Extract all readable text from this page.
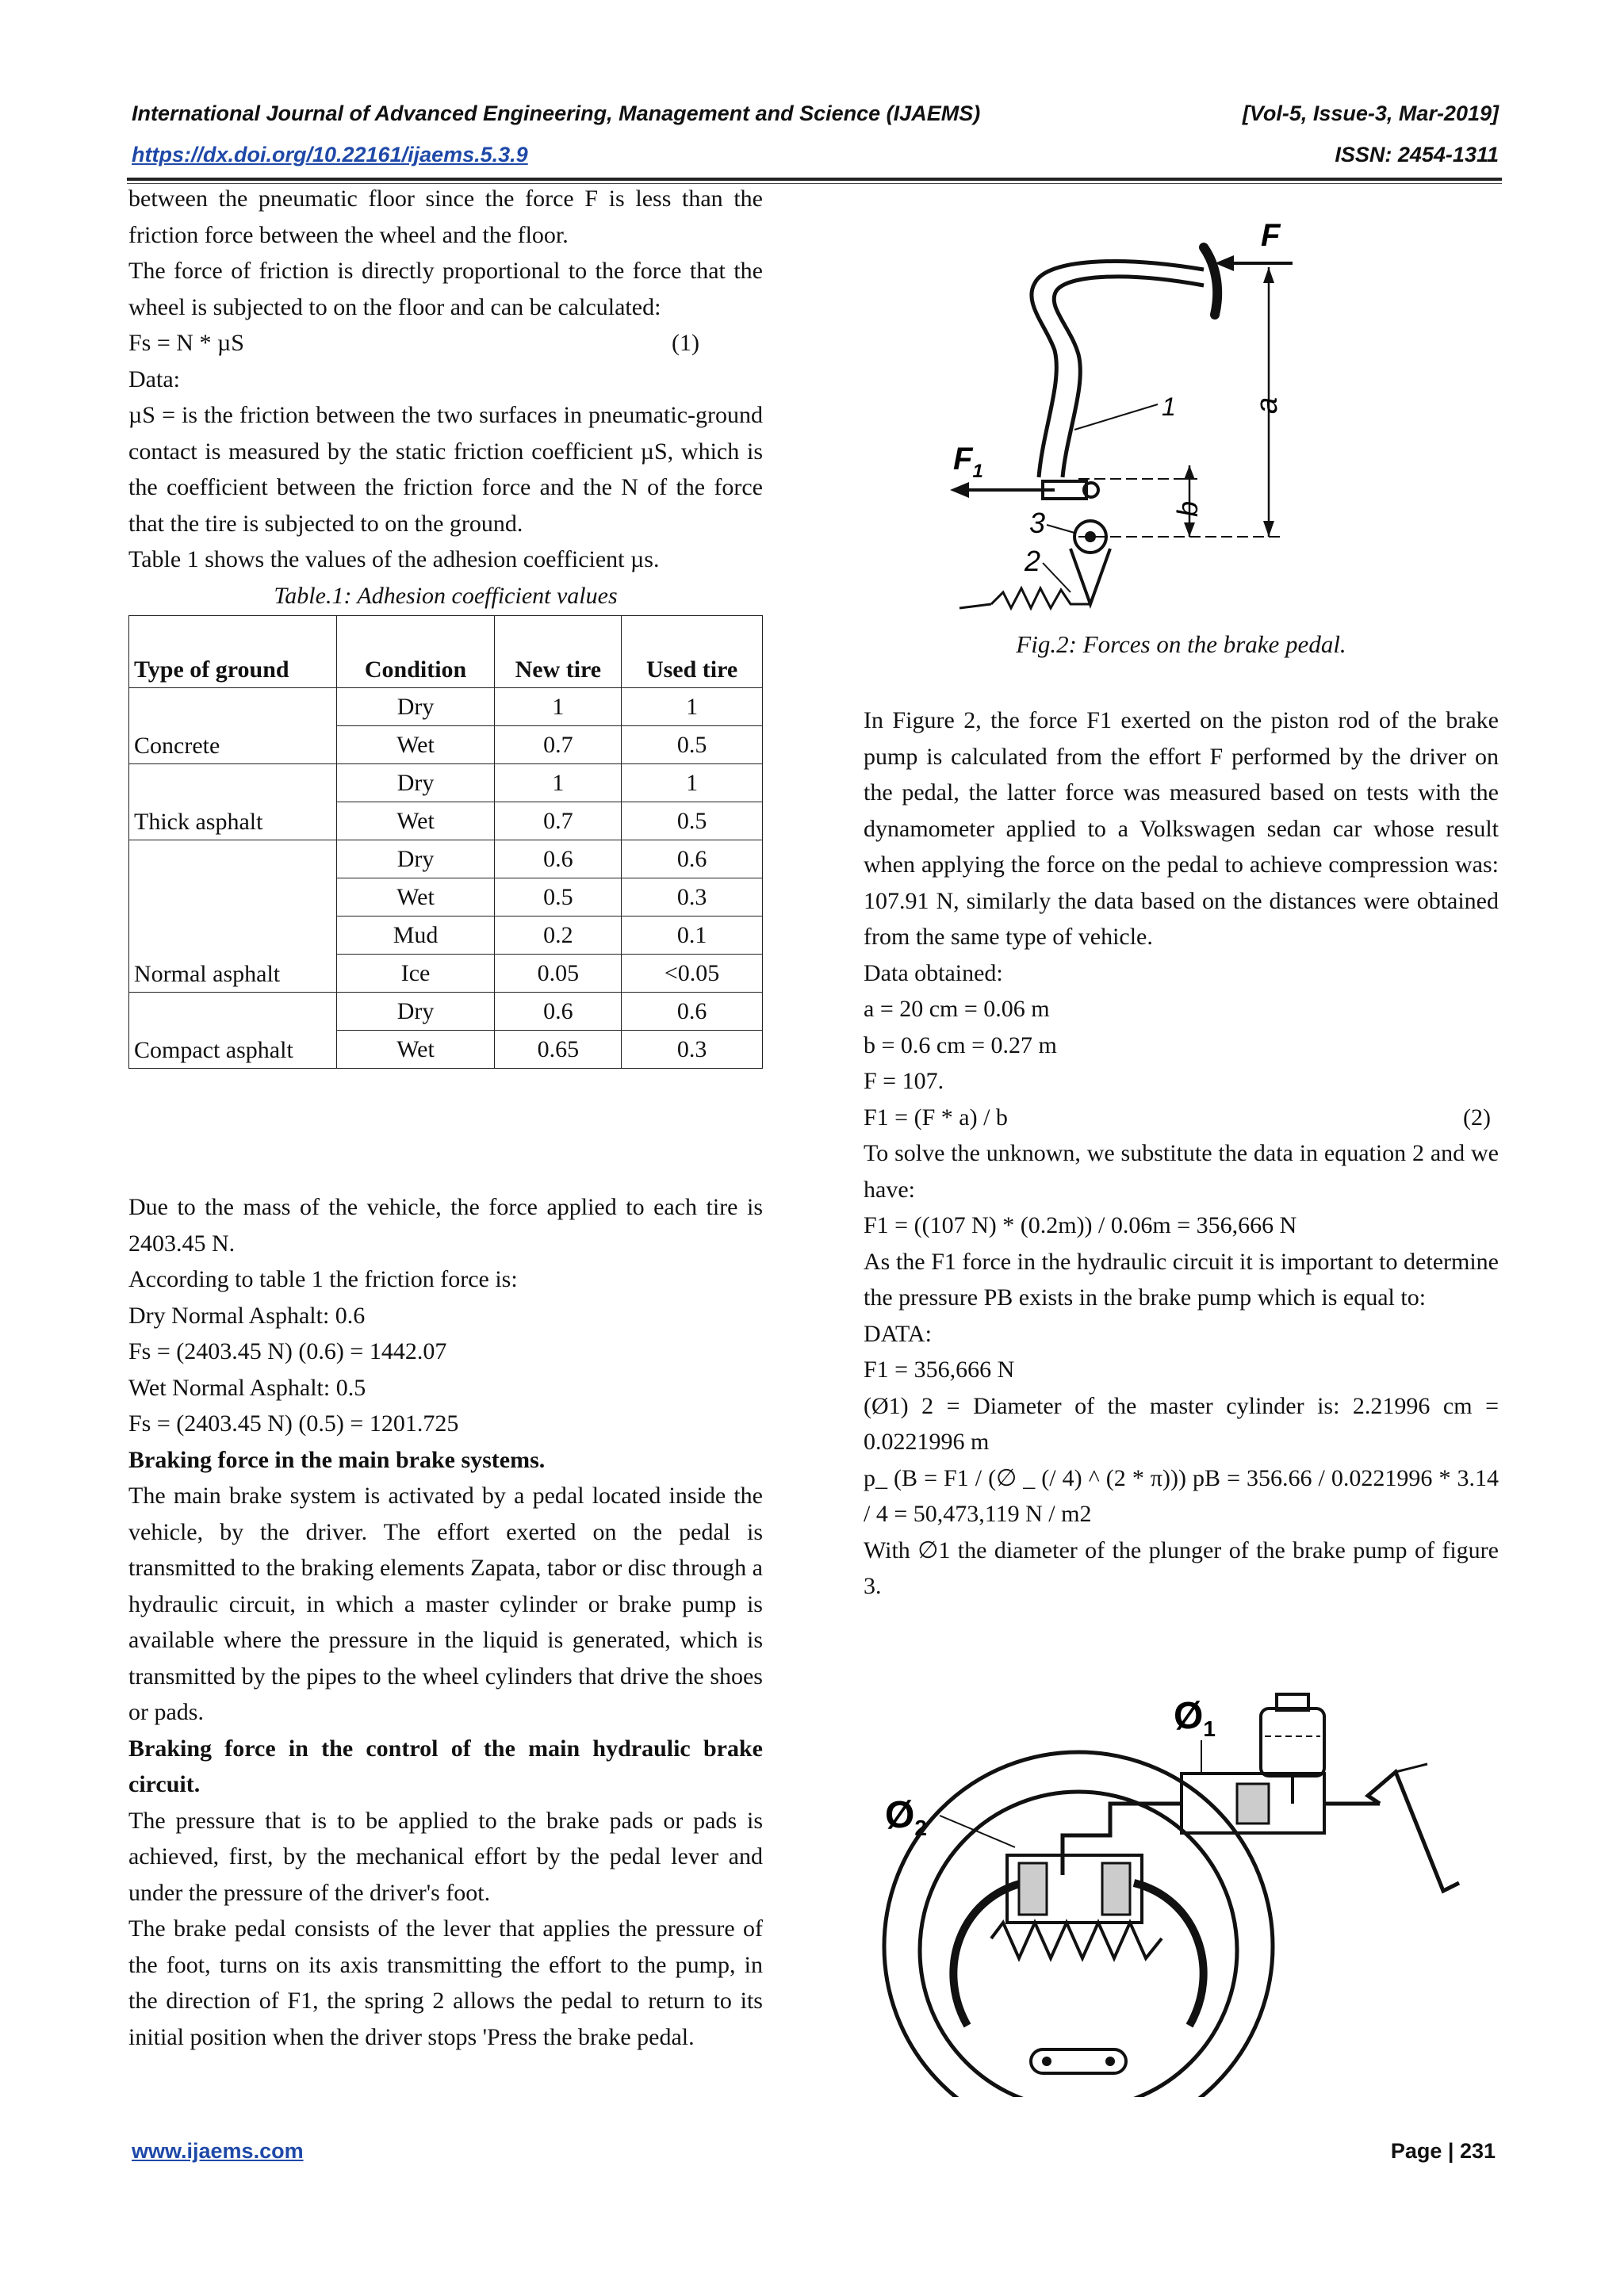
International Journal of Advanced Engineering, Management and Science (IJAEMS)	[Vol-5, Issue-3, Mar-2019]
https://dx.doi.org/10.22161/ijaems.5.3.9	ISSN: 2454-1311

between the pneumatic floor since the force F is less than the friction force between the wheel and the floor.

The force of friction is directly proportional to the force that the wheel is subjected to on the floor and can be calculated:

Fs = N * µS	(1)

Data:

µS = is the friction between the two surfaces in pneumatic-ground contact is measured by the static friction coefficient µS, which is the coefficient between the friction force and the N of the force that the tire is subjected to on the ground.

Table 1 shows the values of the adhesion coefficient µs.

Table.1: Adhesion coefficient values
Type of ground	Condition	New tire	Used tire
Concrete	Dry	1	1
	Wet	0.7	0.5
Thick asphalt	Dry	1	1
	Wet	0.7	0.5
Normal asphalt	Dry	0.6	0.6
	Wet	0.5	0.3
	Mud	0.2	0.1
	Ice	0.05	<0.05
Compact asphalt	Dry	0.6	0.6
	Wet	0.65	0.3

Due to the mass of the vehicle, the force applied to each tire is 2403.45 N.

According to table 1 the friction force is:

Dry Normal Asphalt: 0.6

Fs = (2403.45 N) (0.6) = 1442.07

Wet Normal Asphalt: 0.5

Fs = (2403.45 N) (0.5) = 1201.725

Braking force in the main brake systems.

The main brake system is activated by a pedal located inside the vehicle, by the driver. The effort exerted on the pedal is transmitted to the braking elements Zapata, tabor or disc through a hydraulic circuit, in which a master cylinder or brake pump is available where the pressure in the liquid is generated, which is transmitted by the pipes to the wheel cylinders that drive the shoes or pads.

Braking force in the control of the main hydraulic brake circuit.

The pressure that is to be applied to the brake pads or pads is achieved, first, by the mechanical effort by the pedal lever and under the pressure of the driver's foot.

The brake pedal consists of the lever that applies the pressure of the foot, turns on its axis transmitting the effort to the pump, in the direction of F1, the spring 2 allows the pedal to return to its initial position when the driver stops 'Press the brake pedal.

F
a
b
$F_1$
1
3
2
Fig.2: Forces on the brake pedal.

In Figure 2, the force F1 exerted on the piston rod of the brake pump is calculated from the effort F performed by the driver on the pedal, the latter force was measured based on tests with the dynamometer applied to a Volkswagen sedan car whose result when applying the force on the pedal to achieve compression was: 107.91 N, similarly the data based on the distances were obtained from the same type of vehicle.

Data obtained:

a = 20 cm = 0.06 m

b = 0.6 cm = 0.27 m

F = 107.

F1 = (F * a) / b	(2)

To solve the unknown, we substitute the data in equation 2 and we have:

F1 = ((107 N) * (0.2m)) / 0.06m = 356,666 N

As the F1 force in the hydraulic circuit it is important to determine the pressure PB exists in the brake pump which is equal to:

DATA:

F1 = 356,666 N

(Ø1) 2 = Diameter of the master cylinder is: 2.21996 cm = 0.0221996 m

p_ (B = F1 / (∅ _ (/ 4) ^ (2 * π))) pB = 356.66 / 0.0221996 * 3.14 / 4 = 50,473,119 N / m2

With ∅1 the diameter of the plunger of the brake pump of figure 3.

$Ø_1$
$Ø_2$
www.ijaems.com	Page | 231
